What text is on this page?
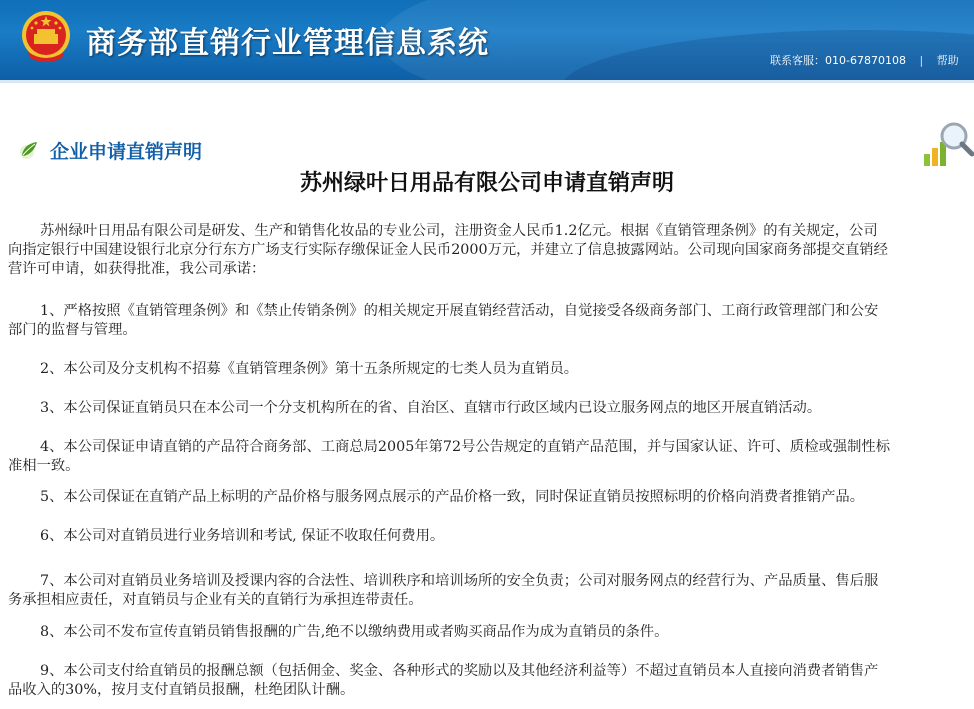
商务部直销行业管理信息系统	联系客服：010-67870108 | 帮助
企业申请直销声明
苏州绿叶日用品有限公司申请直销声明

苏州绿叶日用品有限公司是研发、生产和销售化妆品的专业公司，注册资金人民币1.2亿元。根据《直销管理条例》的有关规定，公司

向指定银行中国建设银行北京分行东方广场支行实际存缴保证金人民币2000万元，并建立了信息披露网站。公司现向国家商务部提交直销经

营许可申请，如获得批准，我公司承诺：

1、严格按照《直销管理条例》和《禁止传销条例》的相关规定开展直销经营活动，自觉接受各级商务部门、工商行政管理部门和公安

部门的监督与管理。

2、本公司及分支机构不招募《直销管理条例》第十五条所规定的七类人员为直销员。

3、本公司保证直销员只在本公司一个分支机构所在的省、自治区、直辖市行政区域内已设立服务网点的地区开展直销活动。

4、本公司保证申请直销的产品符合商务部、工商总局2005年第72号公告规定的直销产品范围，并与国家认证、许可、质检或强制性标

准相一致。

5、本公司保证在直销产品上标明的产品价格与服务网点展示的产品价格一致，同时保证直销员按照标明的价格向消费者推销产品。

6、本公司对直销员进行业务培训和考试, 保证不收取任何费用。

7、本公司对直销员业务培训及授课内容的合法性、培训秩序和培训场所的安全负责；公司对服务网点的经营行为、产品质量、售后服

务承担相应责任，对直销员与企业有关的直销行为承担连带责任。

8、本公司不发布宣传直销员销售报酬的广告,绝不以缴纳费用或者购买商品作为成为直销员的条件。

9、本公司支付给直销员的报酬总额（包括佣金、奖金、各种形式的奖励以及其他经济利益等）不超过直销员本人直接向消费者销售产

品收入的30%，按月支付直销员报酬，杜绝团队计酬。
